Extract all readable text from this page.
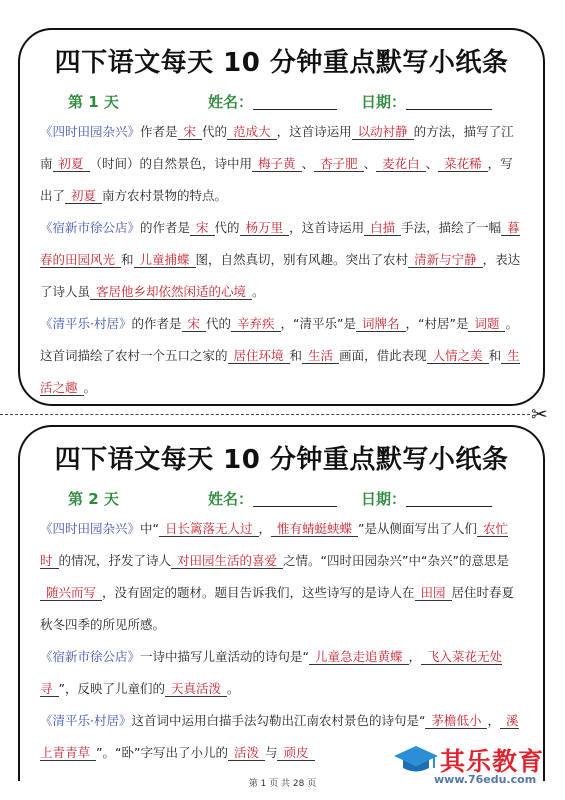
四下语文每天 10 分钟重点默写小纸条
第 1 天	姓名：	日期：

《四时田园杂兴》作者是 宋 代的 范成大 ，这首诗运用 以动衬静 的方法，描写了江南 初夏 （时间）的自然景色，诗中用 梅子黄 、 杏子肥 、 麦花白 、 菜花稀 ，写出了 初夏 南方农村景物的特点。

《宿新市徐公店》的作者是 宋 代的 杨万里 ，这首诗运用 白描 手法，描绘了一幅 暮春的田园风光 和 儿童捕蝶 图，自然真切，别有风趣。突出了农村 清新与宁静 ，表达了诗人虽 客居他乡却依然闲适的心境 。

《清平乐·村居》的作者是 宋 代的 辛弃疾 ，“清平乐”是 词牌名 ，“村居”是 词题 。这首词描绘了农村一个五口之家的 居住环境 和 生活 画面，借此表现 人情之美 和 生活之趣 。

✂
四下语文每天 10 分钟重点默写小纸条
第 2 天	姓名：	日期：

《四时田园杂兴》中“ 日长篱落无人过 ， 惟有蜻蜓蛱蝶 ”是从侧面写出了人们 农忙时 的情况，抒发了诗人 对田园生活的喜爱 之情。“四时田园杂兴”中“杂兴”的意思是随兴而写 ，没有固定的题材。题目告诉我们，这些诗写的是诗人在 田园 居住时春夏秋冬四季的所见所感。

《宿新市徐公店》一诗中描写儿童活动的诗句是“ 儿童急走追黄蝶 ， 飞入菜花无处寻 ”，反映了儿童们的 天真活泼 。

《清平乐·村居》这首词中运用白描手法勾勒出江南农村景色的诗句是“ 茅檐低小 ， 溪上青青草 ”。“卧”字写出了小儿的 活泼 与 顽皮	其乐教育
www.76edu.com
第 1 页 共 28 页
